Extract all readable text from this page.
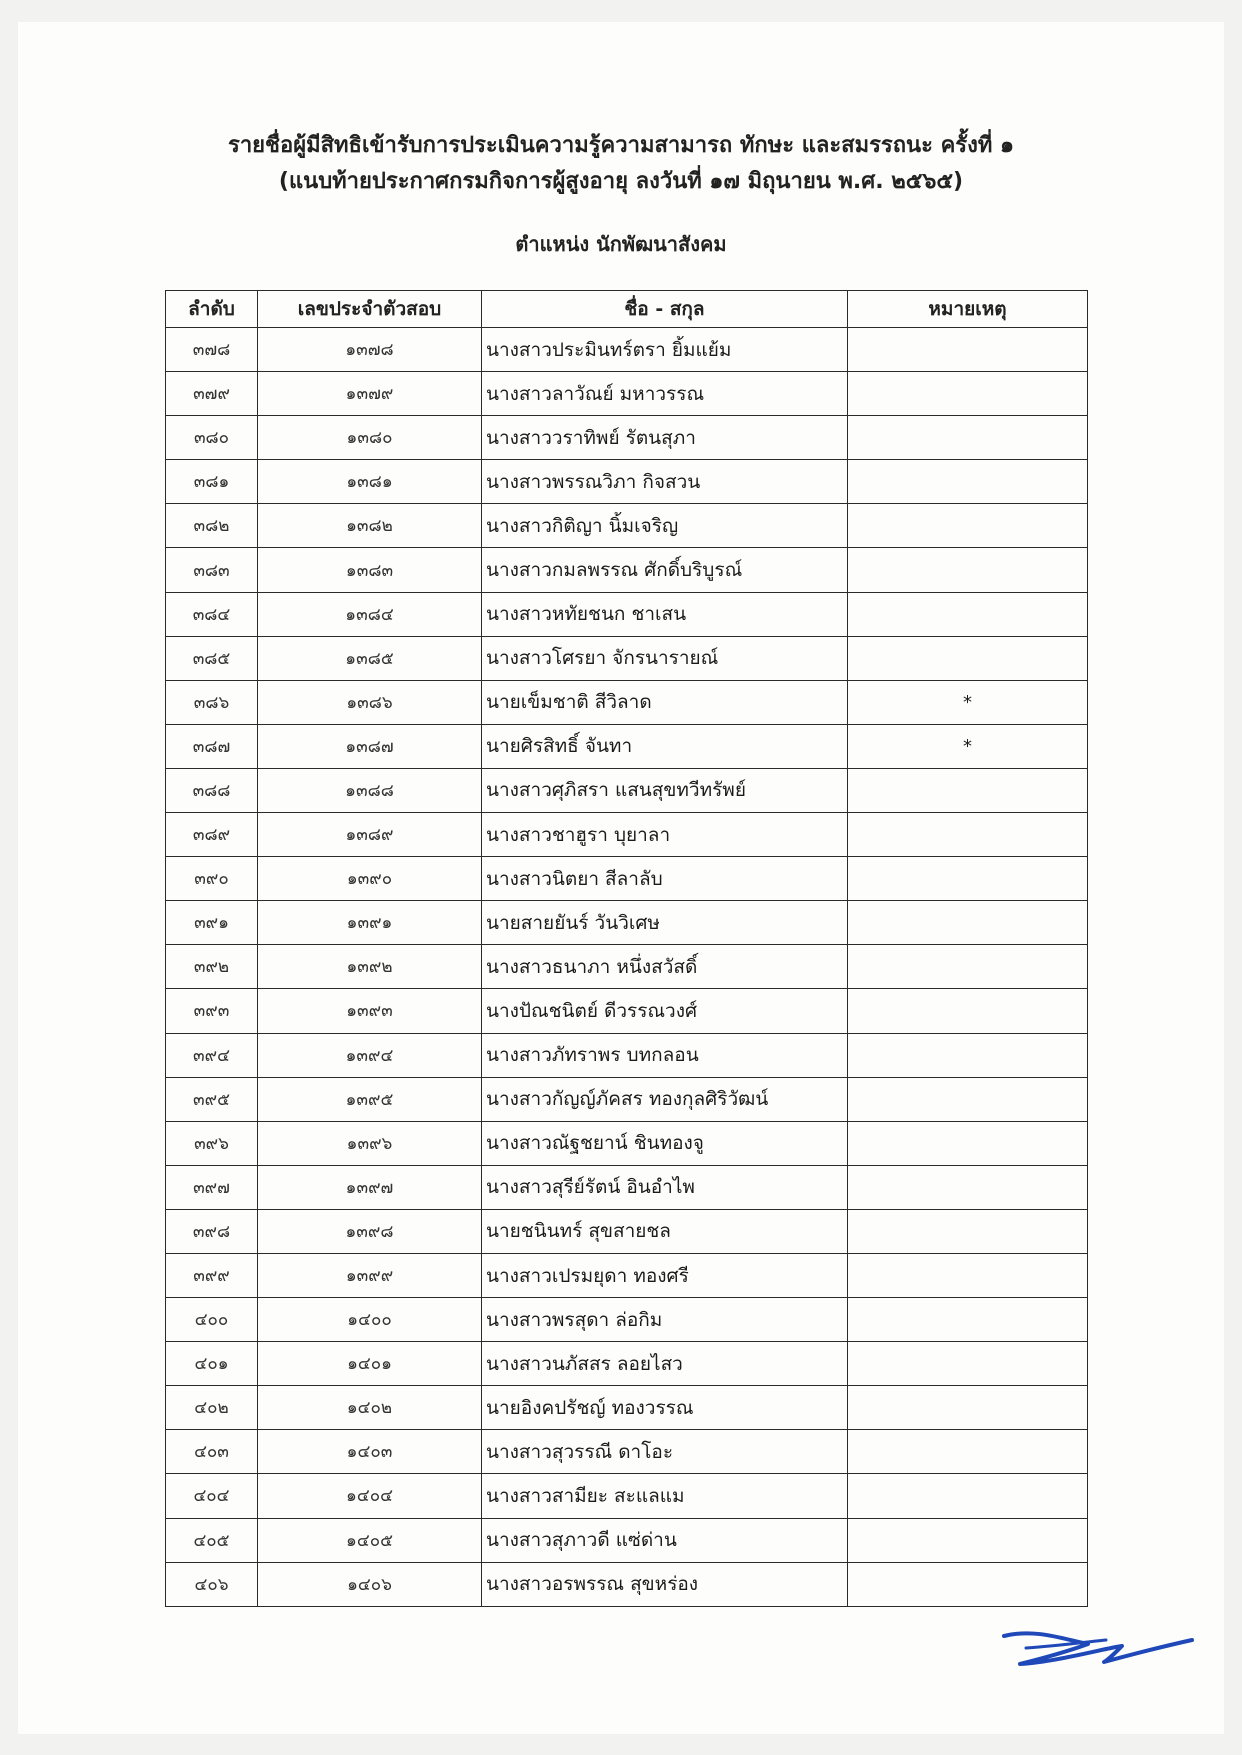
รายชื่อผู้มีสิทธิเข้ารับการประเมินความรู้ความสามารถ ทักษะ และสมรรถนะ ครั้งที่ ๑
(แนบท้ายประกาศกรมกิจการผู้สูงอายุ ลงวันที่ ๑๗ มิถุนายน พ.ศ. ๒๕๖๕)
ตำแหน่ง นักพัฒนาสังคม
ลำดับ	เลขประจำตัวสอบ	ชื่อ - สกุล	หมายเหตุ
๓๗๘	๑๓๗๘	นางสาวประมินทร์ตรา ยิ้มแย้ม	
๓๗๙	๑๓๗๙	นางสาวลาวัณย์ มหาวรรณ	
๓๘๐	๑๓๘๐	นางสาววราทิพย์ รัตนสุภา	
๓๘๑	๑๓๘๑	นางสาวพรรณวิภา กิจสวน	
๓๘๒	๑๓๘๒	นางสาวกิติญา นิ้มเจริญ	
๓๘๓	๑๓๘๓	นางสาวกมลพรรณ ศักดิ์บริบูรณ์	
๓๘๔	๑๓๘๔	นางสาวหทัยชนก ชาเสน	
๓๘๕	๑๓๘๕	นางสาวโศรยา จักรนารายณ์	
๓๘๖	๑๓๘๖	นายเข็มชาติ สีวิลาด	*
๓๘๗	๑๓๘๗	นายศิรสิทธิ์ จันทา	*
๓๘๘	๑๓๘๘	นางสาวศุภิสรา แสนสุขทวีทรัพย์	
๓๘๙	๑๓๘๙	นางสาวชาฮูรา บุยาลา	
๓๙๐	๑๓๙๐	นางสาวนิตยา สีลาลับ	
๓๙๑	๑๓๙๑	นายสายยันร์ วันวิเศษ	
๓๙๒	๑๓๙๒	นางสาวธนาภา หนึ่งสวัสดิ์	
๓๙๓	๑๓๙๓	นางปัณชนิตย์ ดีวรรณวงศ์	
๓๙๔	๑๓๙๔	นางสาวภัทราพร บทกลอน	
๓๙๕	๑๓๙๕	นางสาวกัญญ์ภัคสร ทองกุลศิริวัฒน์	
๓๙๖	๑๓๙๖	นางสาวณัฐชยาน์ ชินทองจู	
๓๙๗	๑๓๙๗	นางสาวสุรีย์รัตน์ อินอำไพ	
๓๙๘	๑๓๙๘	นายชนินทร์ สุขสายชล	
๓๙๙	๑๓๙๙	นางสาวเปรมยุดา ทองศรี	
๔๐๐	๑๔๐๐	นางสาวพรสุดา ล่อกิม	
๔๐๑	๑๔๐๑	นางสาวนภัสสร ลอยไสว	
๔๐๒	๑๔๐๒	นายอิงคปรัชญ์ ทองวรรณ	
๔๐๓	๑๔๐๓	นางสาวสุวรรณี ดาโอะ	
๔๐๔	๑๔๐๔	นางสาวสามียะ สะแลแม	
๔๐๕	๑๔๐๕	นางสาวสุภาวดี แซ่ด่าน	
๔๐๖	๑๔๐๖	นางสาวอรพรรณ สุขหร่อง	
